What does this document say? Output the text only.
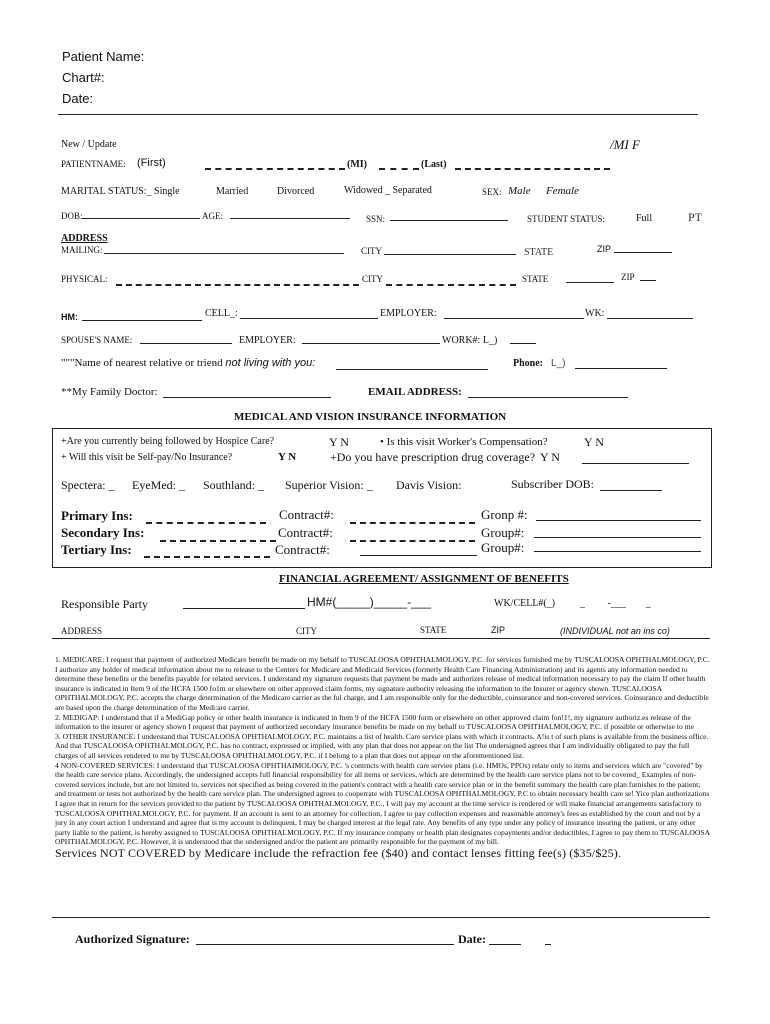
Patient Name:
Chart#:
Date:
New / Update	/MI F
PATIENTNAME: (First)	(MI)	(Last)
MARITAL STATUS:_ Single	Married	Divorced	Widowed _ Separated	SEX: Male Female
DOB:	AGE:	SSN:	STUDENT STATUS:	Full	PT
ADDRESS
MAILING:	CITY	STATE	ZIP
PHYSICAL:	CITY	STATE	ZIP
HM:	CELL_:	EMPLOYER:	WK:
SPOUSE'S NAME:	EMPLOYER:	WORK#: L_)
"""Name of nearest relative or triend not living with you:	Phone: L_)
**My Family Doctor:	EMAIL ADDRESS:
MEDICAL AND VISION INSURANCE INFORMATION
+Are you currently being followed by Hospice Care?	Y N	• Is this visit Worker's Compensation?	Y N
+ Will this visit be Self-pay/No Insurance?	Y N	+Do you have prescription drug coverage? Y N
Spectera: _ EyeMed: _ Southland: _ Superior Vision: _ Davis Vision:	Subscriber DOB:
Primary Ins:	Contract#:	Gronp #:
Secondary Ins:	Contract#:	Group#:
Tertiary Ins:	Contract#:	Group#:
FINANCIAL AGREEMENT/ ASSIGNMENT OF BENEFITS
Responsible Party	HM#(_____)_____-___	WK/CELL#(_) _         -___        _
ADDRESS	CITY	STATE	ZIP	(INDIVIDUAL not an ins co)

1. MEDICARE: I request that payment of authorized Medicare benefit be made on my behalf to TUSCALOOSA OPHTHALMOLOGY, P.C. for services furnished me by TUSCALOOSA OPHTHALMOLOGY, P.C. I authorize any holder of medical information about me to release to the Centers for Medicare and Medicaid Services (formerly Health Care Financing Administration) and its agents any information needed to determine these benefits or the benefits payable for related services. I understand my signature requests that payment be made and authorizes release of medical information necessary to pay the claim If other health insurance is indicated in Item 9 of the HCFA 1500 fo1m or elsewhere on other approved claim forms, my signature authority releasing the information to the Insurer or agency shown. TUSCALOOSA OPHTHALMOLOGY, P.C. accepts the charge determination of the Medicare carrier as the ful charge, and I am responsible only for the deductible, coinsurance and non-covered services. Coinsurance and deductible are based upon the charge determination of the Medi:are carrier.

2. MEDIGAP: I understand that if a MediGap policy or other health insurance is indicated in Item 9 of the HCFA 1500 form or elsewhere on other approved claim fon!1!, my signature authoriz.es release of the information to the insurer or agency shown I request that payment of authorized secondary insurance benefits be made on my behalf to TUSCALOOSA OPHTHALMOLOGY, P.C. if possible or otherwise to me

3. OTHER INSURANCE: I understand that TUSCALOOSA OPHTHALMOLOGY, P.C. maintains a list of health. Care service plans with which it contracts. A!is t of such plans is available from the business office. And that TUSCALOOSA OPHTHALMOLOGY, P.C. has no contract, expressed or implied, with any plan that does not appear on the list The undersigned agrees that I am individually obligated to pay the full charges of all services rendered to me by TUSCALOOSA OPHTHALMOLOGY, P.C. if I belong to a plan that does not appear on the aforementioned list.

4 NON-COVERED SERVICES: I understand that TUSCALOOSA OPHTHAIMOLOGY, P.C. 's contrncts with health care serviee plans (i.e. HMOs, PPOs) relate only to items and services which are "covered" by the health care service plans. Accordingly, the undersigned accepts full financial responsibility for all items or services, which are determined by the health care service plans not to be covered_ Examples of non-covered services include, but are not limited to, services not specified as being covered in the patient's contract with a health care service plan or in the benefit summary the health care plan furnishes to the patient; and treatment or tests not authorized by the health care service plan. The undersigned agrees to cooperrate with TUSCALOOSA OPHTHALMOLOGY, P.C to obtain necessary health care se! Yice plan authorizations

I agree that in return for the services provided to the patient by TUSCALOOSA OPHTHALMOLOGY, P.C., I will pay my account at the time service is rendered or will make financial arrangements satisfactory to TUSCALOOSA OPHTHALMOLOGY, P.C. for payment. If an account is sent to an attorney for collection, I agree to pay collection expenses and reasonable attorney's fees as established by the court and not by a jury in any court action I understand and agree that is my account is delinquent, I may be charged interest at the legal rate. Any benefits of any type under any policy of insurance insuring the patient, or any other party liable to the patient, is hereby assigned to TUSCALOOSA OPHTHALMOLOGY, P.C. If my insurance company or health plan designates copayments and/or deductibles, I agree to pay them to TUSCALOOSA OPHTHALMOLOGY, P.C. However, it is understood that the undersigned and/or the patient are primarily responsible for the payment of my bill.

Services NOT COVERED by Medicare include the refraction fee ($40) and contact lenses fitting fee(s) ($35/$25).
Authorized Signature:	Date:
